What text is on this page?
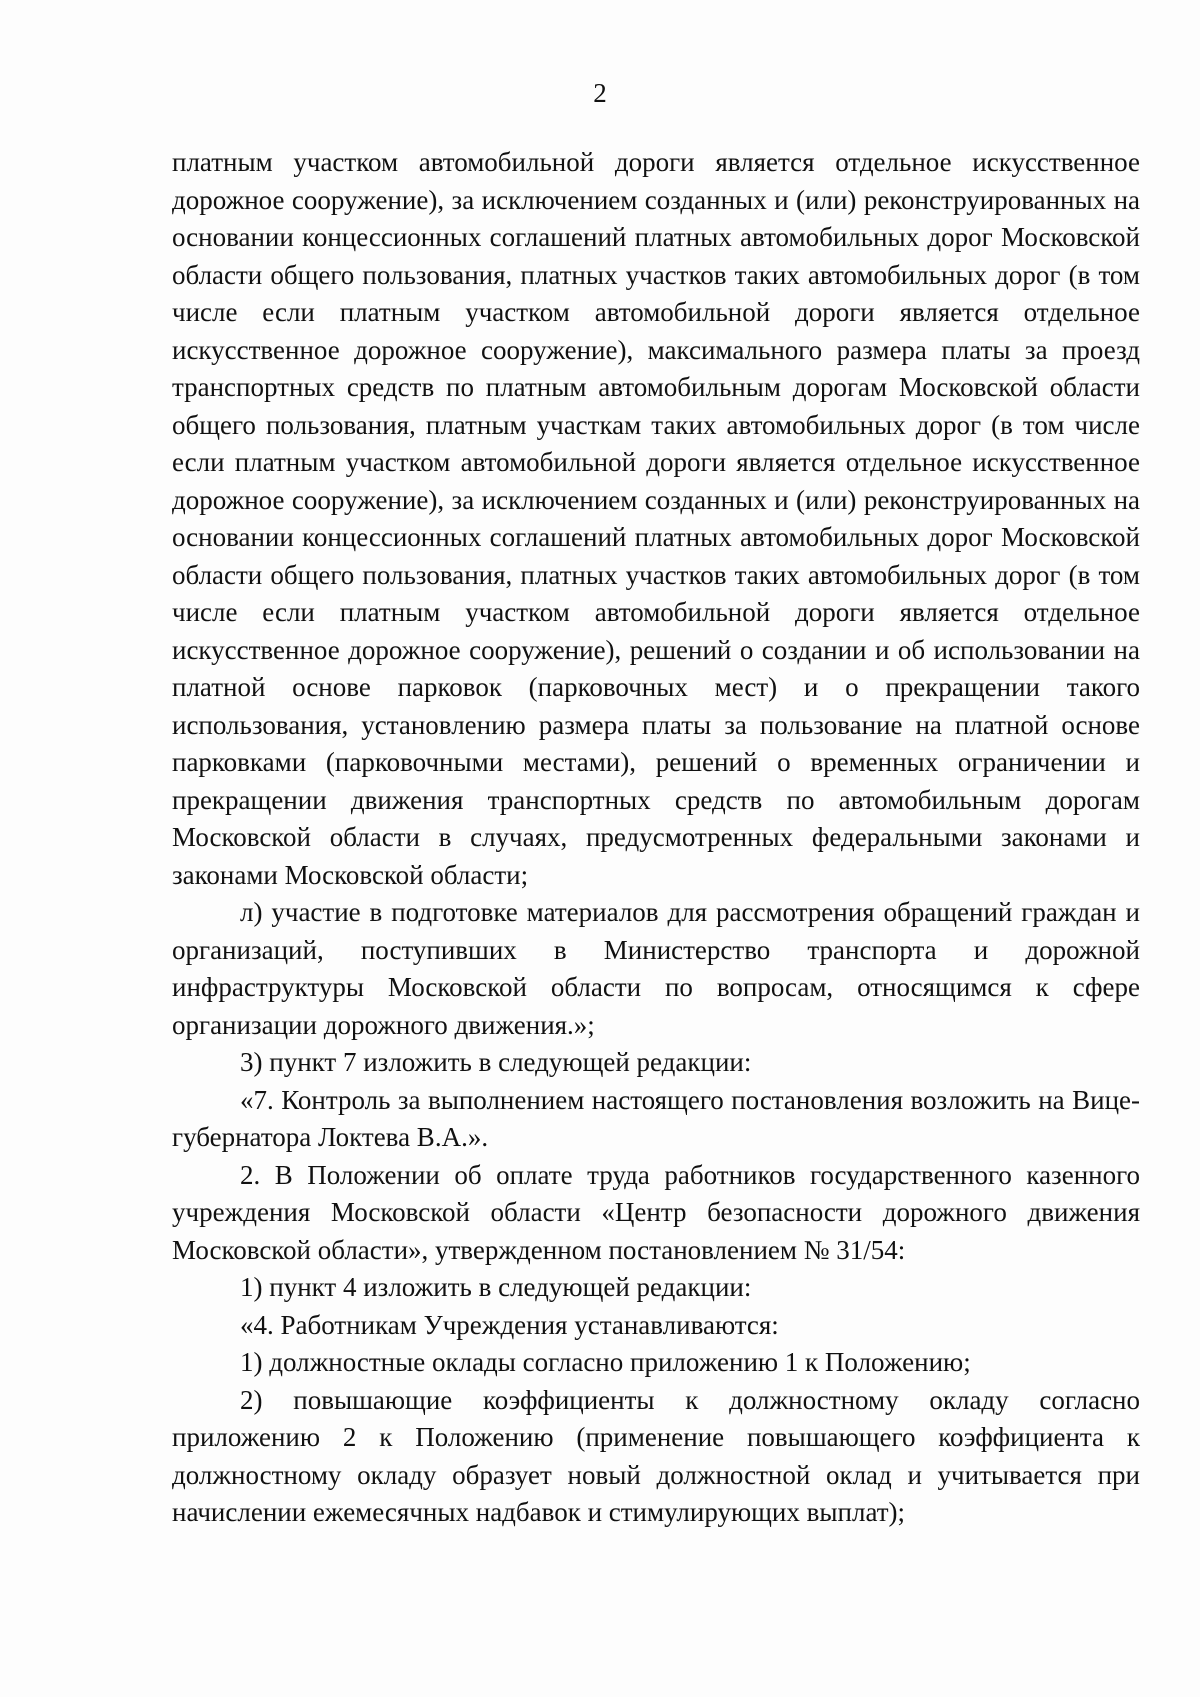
2

платным участком автомобильной дороги является отдельное искусственное дорожное сооружение), за исключением созданных и (или) реконструированных на основании концессионных соглашений платных автомобильных дорог Московской области общего пользования, платных участков таких автомобильных дорог (в том числе если платным участком автомобильной дороги является отдельное искусственное дорожное сооружение), максимального размера платы за проезд транспортных средств по платным автомобильным дорогам Московской области общего пользования, платным участкам таких автомобильных дорог (в том числе если платным участком автомобильной дороги является отдельное искусственное дорожное сооружение), за исключением созданных и (или) реконструированных на основании концессионных соглашений платных автомобильных дорог Московской области общего пользования, платных участков таких автомобильных дорог (в том числе если платным участком автомобильной дороги является отдельное искусственное дорожное сооружение), решений о создании и об использовании на платной основе парковок (парковочных мест) и о прекращении такого использования, установлению размера платы за пользование на платной основе парковками (парковочными местами), решений о временных ограничении и прекращении движения транспортных средств по автомобильным дорогам Московской области в случаях, предусмотренных федеральными законами и законами Московской области;

л) участие в подготовке материалов для рассмотрения обращений граждан и организаций, поступивших в Министерство транспорта и дорожной инфраструктуры Московской области по вопросам, относящимся к сфере организации дорожного движения.»;

3) пункт 7 изложить в следующей редакции:

«7. Контроль за выполнением настоящего постановления возложить на Вице-губернатора Локтева В.А.».

2. В Положении об оплате труда работников государственного казенного учреждения Московской области «Центр безопасности дорожного движения Московской области», утвержденном постановлением № 31/54:

1) пункт 4 изложить в следующей редакции:

«4. Работникам Учреждения устанавливаются:

1) должностные оклады согласно приложению 1 к Положению;

2) повышающие коэффициенты к должностному окладу согласно приложению 2 к Положению (применение повышающего коэффициента к должностному окладу образует новый должностной оклад и учитывается при начислении ежемесячных надбавок и стимулирующих выплат);
